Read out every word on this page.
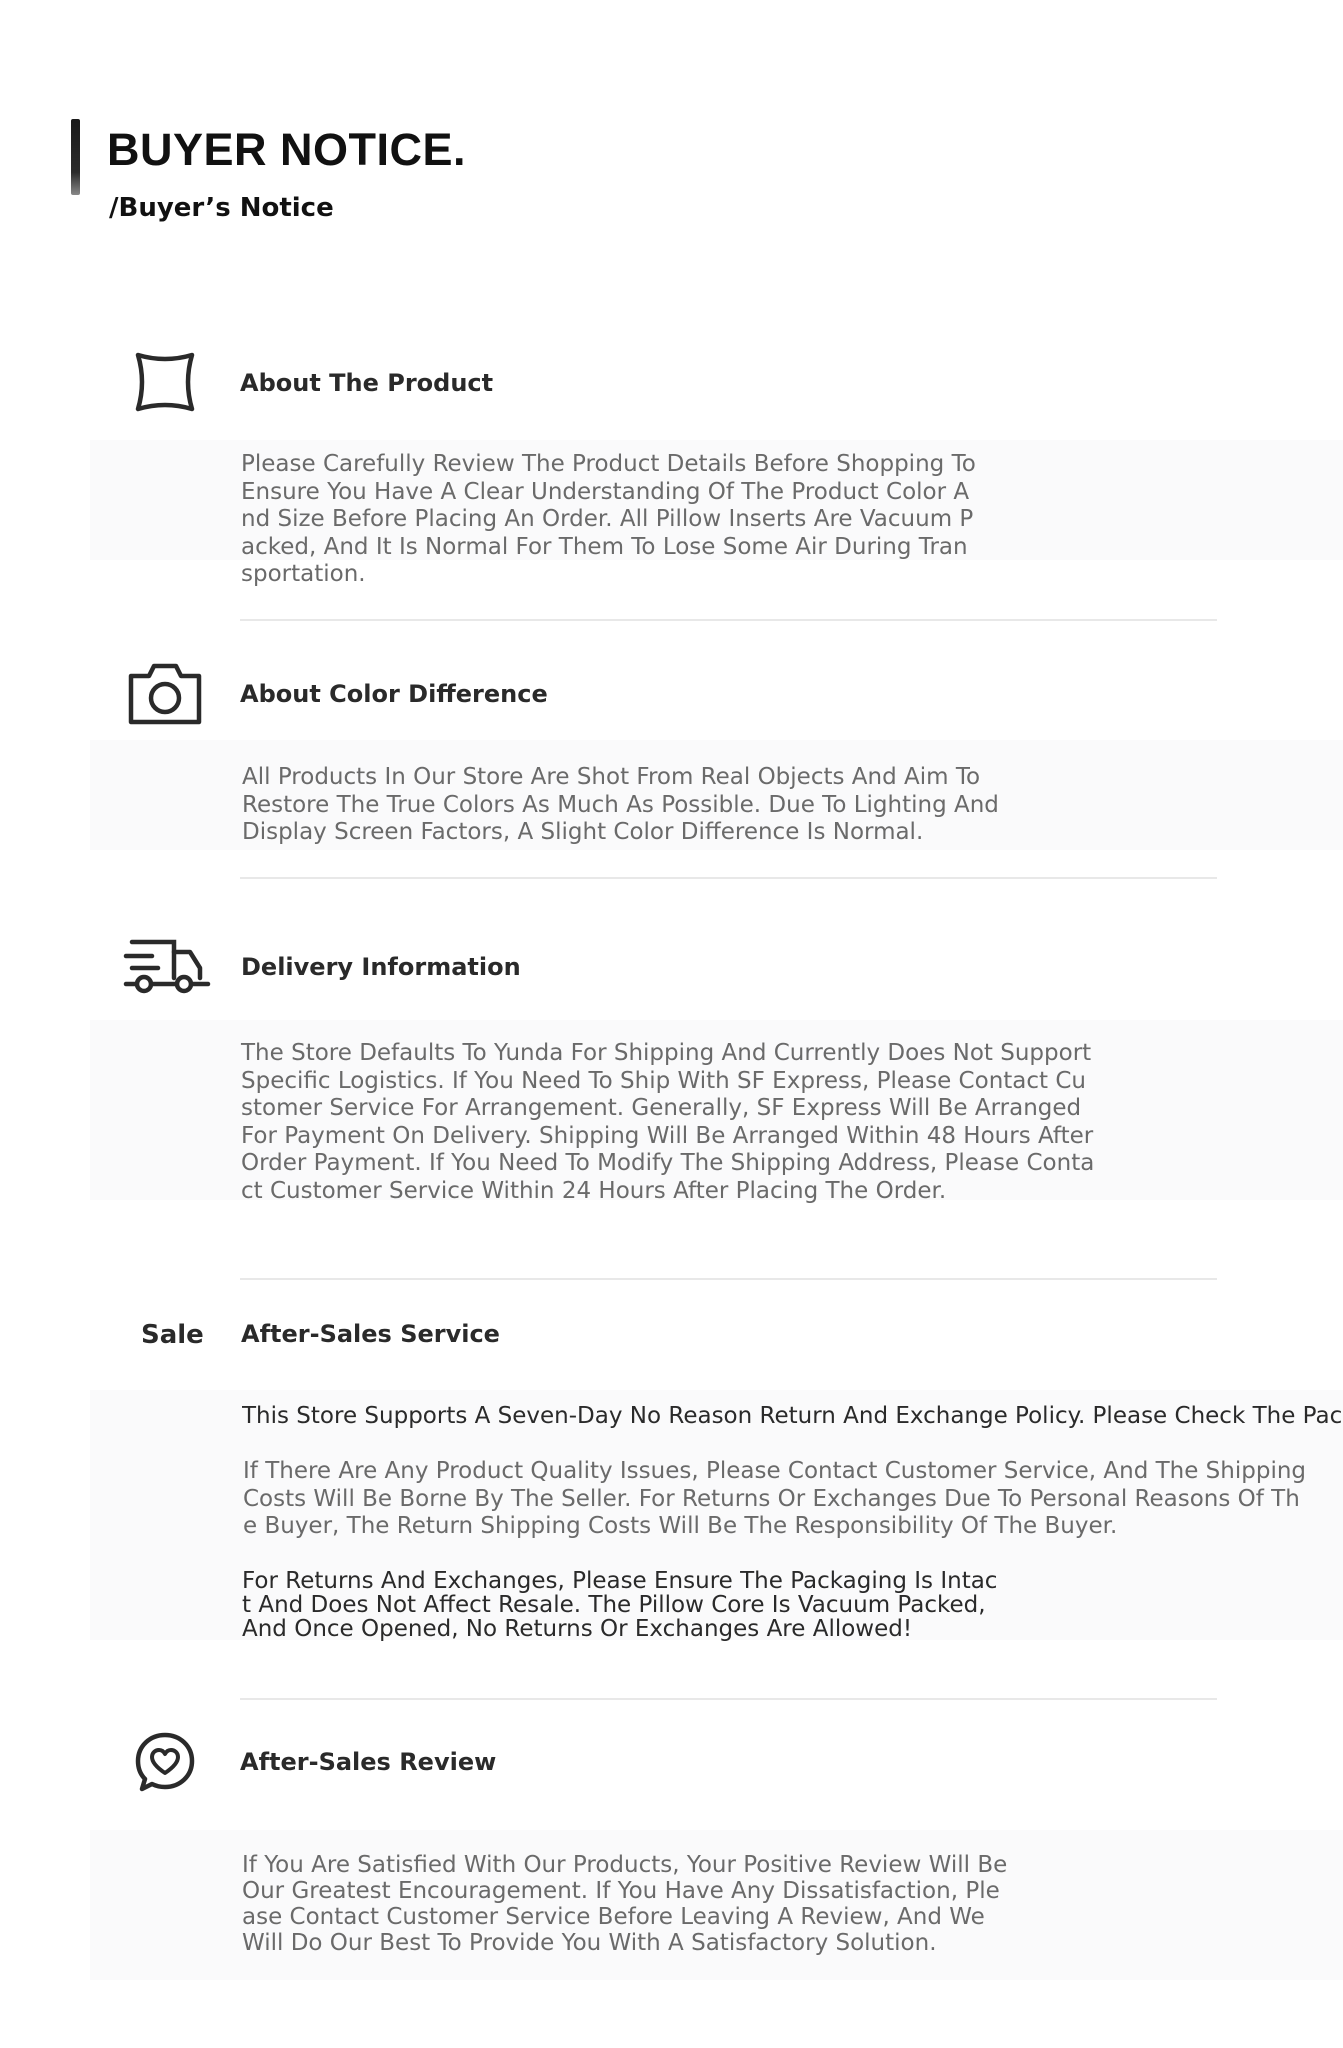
BUYER NOTICE.
/Buyer’s Notice
About The Product
Please Carefully Review The Product Details Before Shopping To Ensure You Have A Clear Understanding Of The Product Color And Size Before Placing An Order. All Pillow Inserts Are Vacuum Packed, And It Is Normal For Them To Lose Some Air During Transportation.
About Color Difference
All Products In Our Store Are Shot From Real Objects And Aim To Restore The True Colors As Much As Possible. Due To Lighting And Display Screen Factors, A Slight Color Difference Is Normal.
Delivery Information
The Store Defaults To Yunda For Shipping And Currently Does Not Support Specific Logistics. If You Need To Ship With SF Express, Please Contact Customer Service For Arrangement. Generally, SF Express Will Be Arranged For Payment On Delivery. Shipping Will Be Arranged Within 48 Hours After Order Payment. If You Need To Modify The Shipping Address, Please Contact Customer Service Within 24 Hours After Placing The Order.
Sale After-Sales Service
This Store Supports A Seven-Day No Reason Return And Exchange Policy. Please Check The Pac
If There Are Any Product Quality Issues, Please Contact Customer Service, And The Shipping Costs Will Be Borne By The Seller. For Returns Or Exchanges Due To Personal Reasons Of The Buyer, The Return Shipping Costs Will Be The Responsibility Of The Buyer.
For Returns And Exchanges, Please Ensure The Packaging Is Intact And Does Not Affect Resale. The Pillow Core Is Vacuum Packed, And Once Opened, No Returns Or Exchanges Are Allowed!
After-Sales Review
If You Are Satisfied With Our Products, Your Positive Review Will Be Our Greatest Encouragement. If You Have Any Dissatisfaction, Please Contact Customer Service Before Leaving A Review, And We Will Do Our Best To Provide You With A Satisfactory Solution.
